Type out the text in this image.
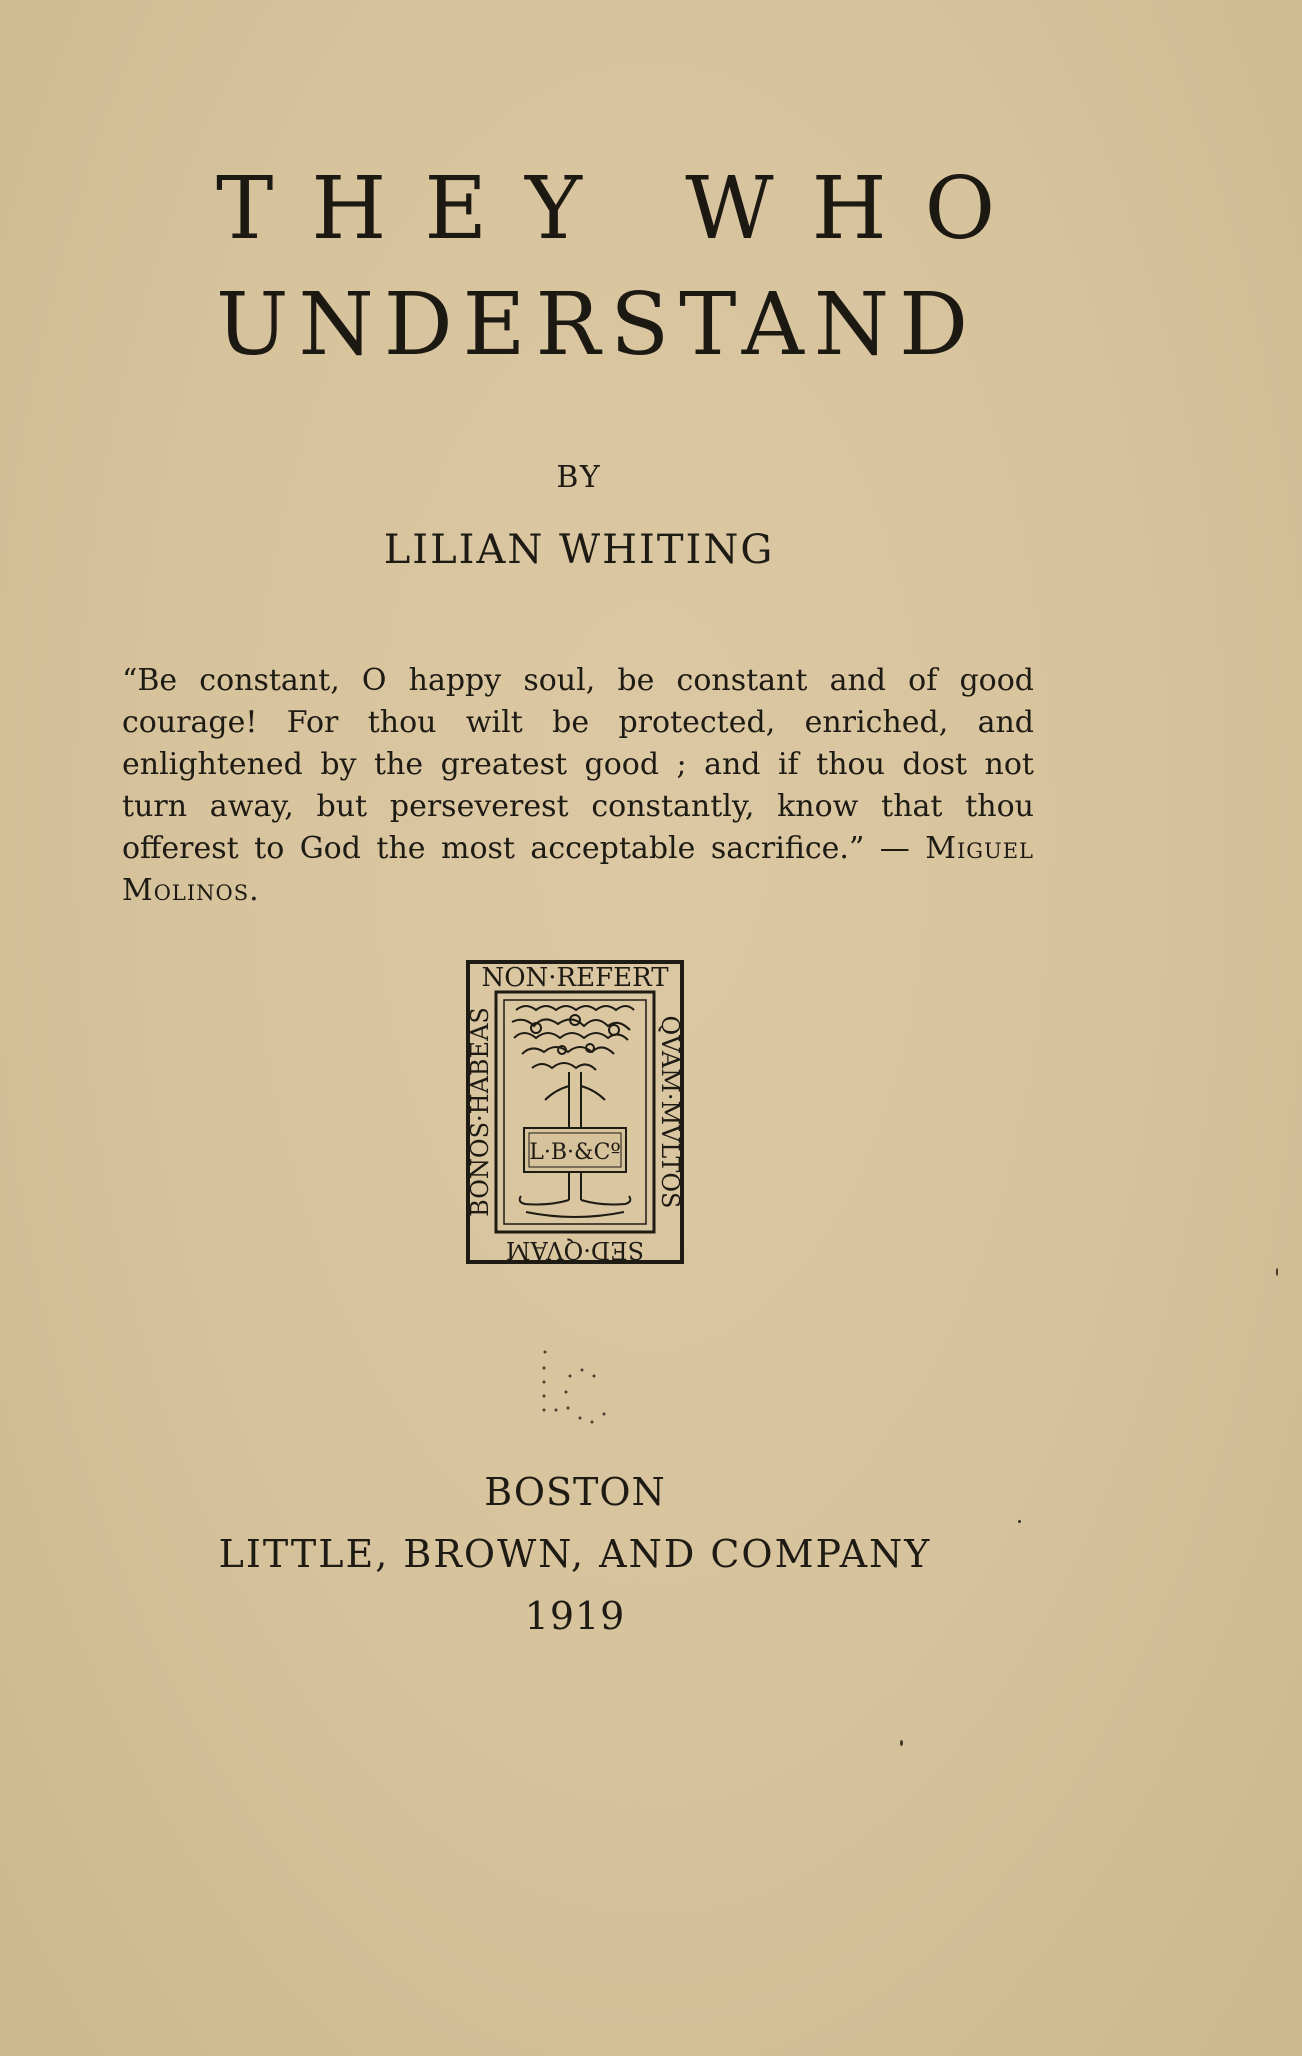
THEY WHO
UNDERSTAND
BY
LILIAN WHITING
“Be constant, O happy soul, be constant and of good courage! For thou wilt be protected, enriched, and enlightened by the greatest good ; and if thou dost not turn away, but perseverest constantly, know that thou offerest to God the most acceptable sacrifice.” — Miguel Molinos.
NON·REFERT
QVAM·MVLTOS
SED·QVAM
BONOS·HABEAS L·B·&Cº
BOSTON
LITTLE, BROWN, AND COMPANY
1919
